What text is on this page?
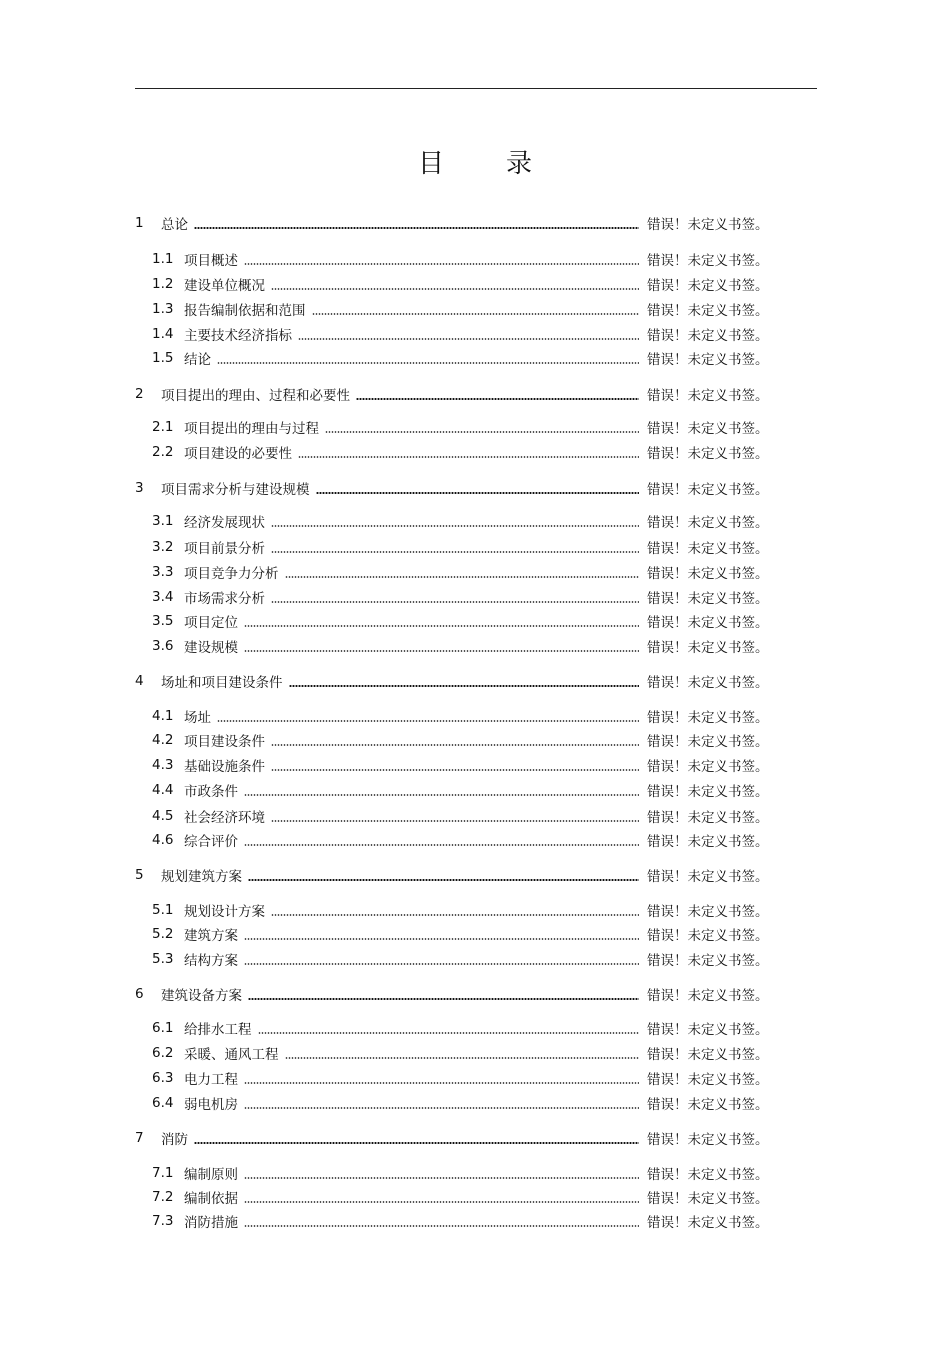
目 录
1	总论	错误！未定义书签。
1.1 项目概述	错误！未定义书签。
1.2 建设单位概况	错误！未定义书签。
1.3 报告编制依据和范围	错误！未定义书签。
1.4 主要技术经济指标	错误！未定义书签。
1.5 结论	错误！未定义书签。
2	项目提出的理由、过程和必要性	错误！未定义书签。
2.1 项目提出的理由与过程	错误！未定义书签。
2.2 项目建设的必要性	错误！未定义书签。
3	项目需求分析与建设规模	错误！未定义书签。
3.1 经济发展现状	错误！未定义书签。
3.2 项目前景分析	错误！未定义书签。
3.3 项目竞争力分析	错误！未定义书签。
3.4 市场需求分析	错误！未定义书签。
3.5 项目定位	错误！未定义书签。
3.6 建设规模	错误！未定义书签。
4	场址和项目建设条件	错误！未定义书签。
4.1 场址	错误！未定义书签。
4.2 项目建设条件	错误！未定义书签。
4.3 基础设施条件	错误！未定义书签。
4.4 市政条件	错误！未定义书签。
4.5 社会经济环境	错误！未定义书签。
4.6 综合评价	错误！未定义书签。
5	规划建筑方案	错误！未定义书签。
5.1 规划设计方案	错误！未定义书签。
5.2 建筑方案	错误！未定义书签。
5.3 结构方案	错误！未定义书签。
6	建筑设备方案	错误！未定义书签。
6.1 给排水工程	错误！未定义书签。
6.2 采暖、通风工程	错误！未定义书签。
6.3 电力工程	错误！未定义书签。
6.4 弱电机房	错误！未定义书签。
7	消防	错误！未定义书签。
7.1 编制原则	错误！未定义书签。
7.2 编制依据	错误！未定义书签。
7.3 消防措施	错误！未定义书签。
